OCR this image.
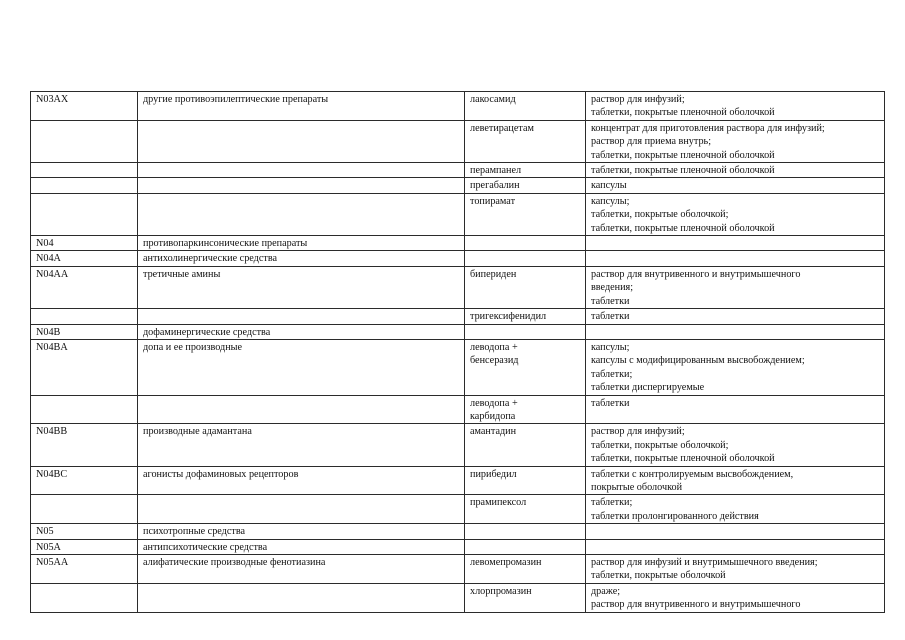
N03AX	другие противоэпилептические препараты	лакосамид	раствор для инфузий;
таблетки, покрытые пленочной оболочкой
		леветирацетам	концентрат для приготовления раствора для инфузий;
раствор для приема внутрь;
таблетки, покрытые пленочной оболочкой
		перампанел	таблетки, покрытые пленочной оболочкой
		прегабалин	капсулы
		топирамат	капсулы;
таблетки, покрытые оболочкой;
таблетки, покрытые пленочной оболочкой
N04	противопаркинсонические препараты		
N04A	антихолинергические средства		
N04AA	третичные амины	бипериден	раствор для внутривенного и внутримышечного
введения;
таблетки
		тригексифенидил	таблетки
N04B	дофаминергические средства		
N04BA	допа и ее производные	леводопа +
бенсеразид	капсулы;
капсулы с модифицированным высвобождением;
таблетки;
таблетки диспергируемые
		леводопа +
карбидопа	таблетки
N04BB	производные адамантана	амантадин	раствор для инфузий;
таблетки, покрытые оболочкой;
таблетки, покрытые пленочной оболочкой
N04BC	агонисты дофаминовых рецепторов	пирибедил	таблетки с контролируемым высвобождением,
покрытые оболочкой
		прамипексол	таблетки;
таблетки пролонгированного действия
N05	психотропные средства		
N05A	антипсихотические средства		
N05AA	алифатические производные фенотиазина	левомепромазин	раствор для инфузий и внутримышечного введения;
таблетки, покрытые оболочкой
		хлорпромазин	драже;
раствор для внутривенного и внутримышечного
